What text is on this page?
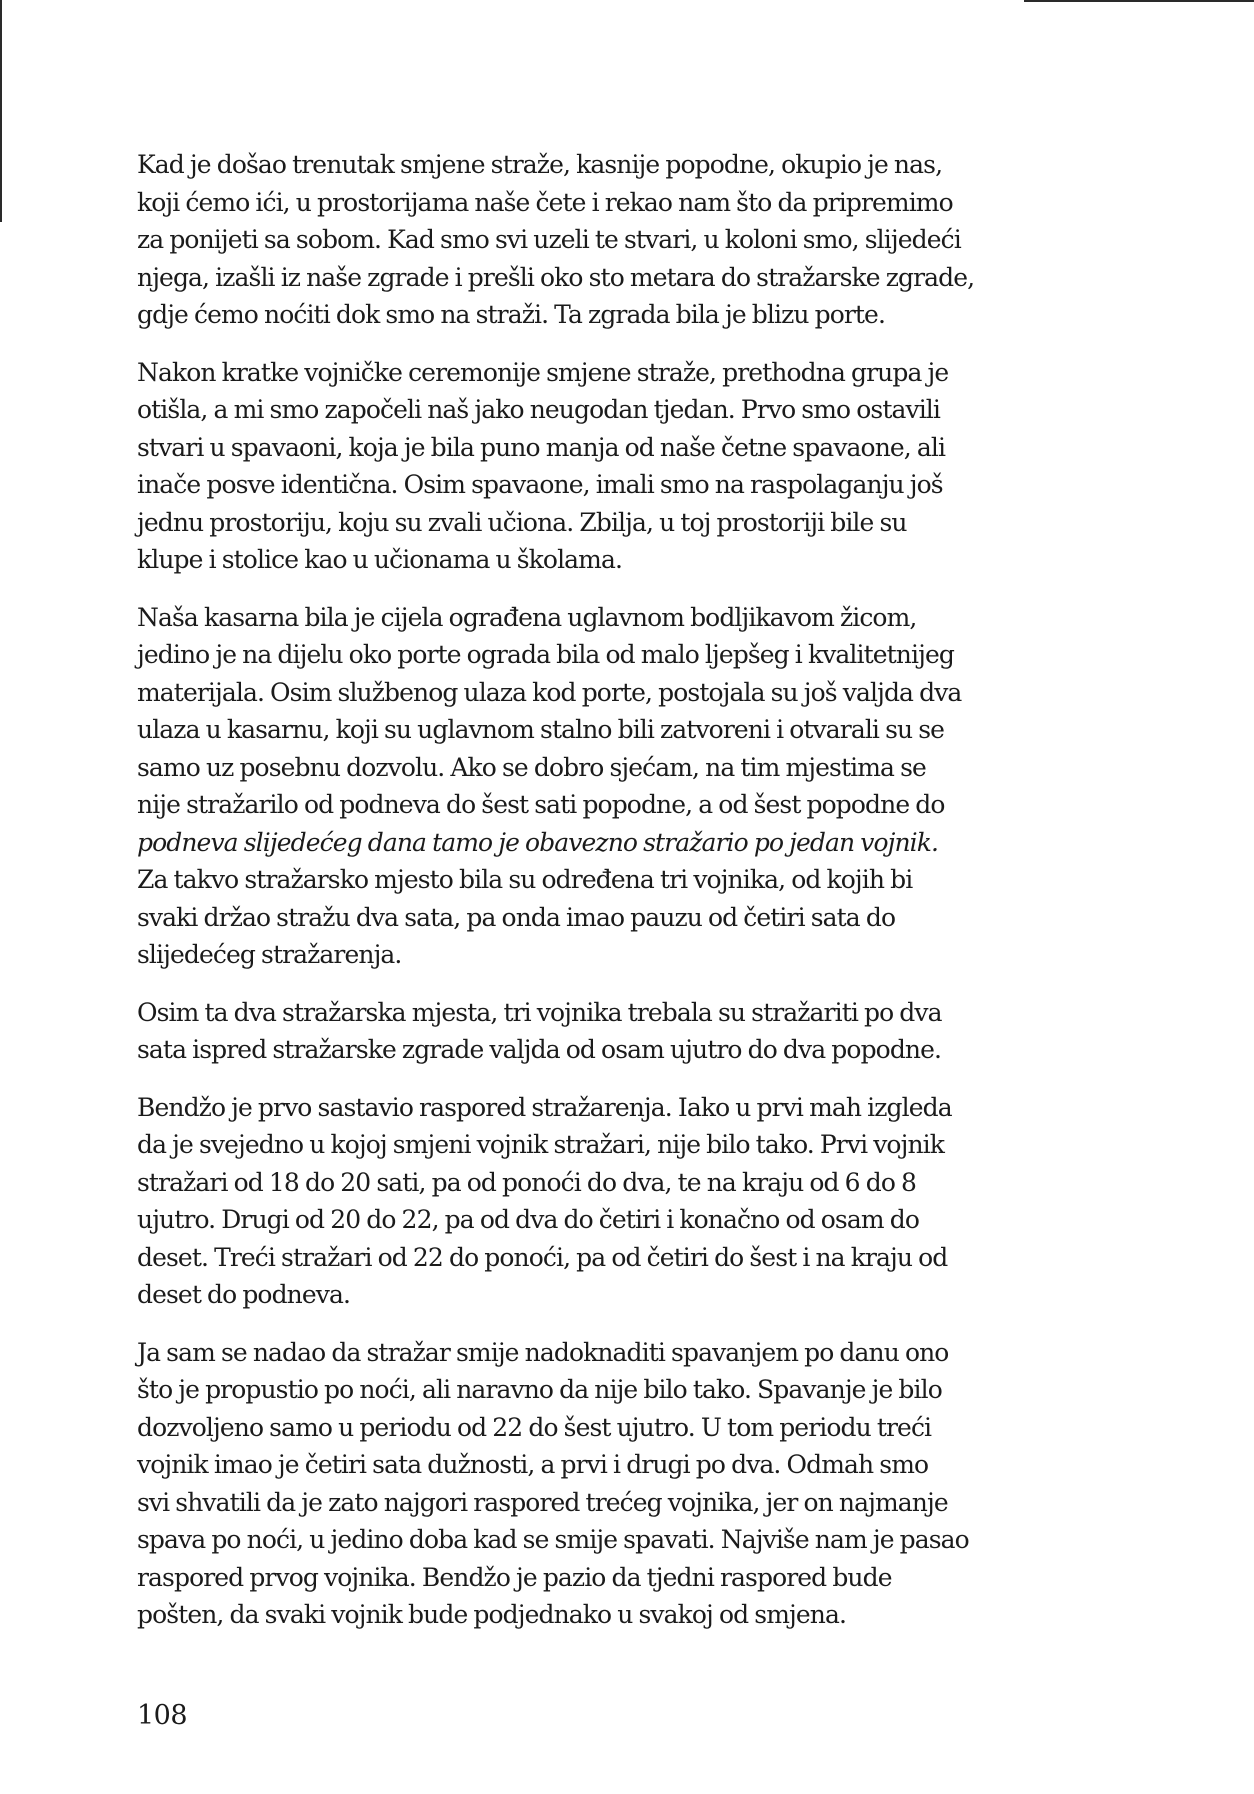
Kad je došao trenutak smjene straže, kasnije popodne, okupio je nas,
koji ćemo ići, u prostorijama naše čete i rekao nam što da pripremimo
za ponijeti sa sobom. Kad smo svi uzeli te stvari, u koloni smo, slijedeći
njega, izašli iz naše zgrade i prešli oko sto metara do stražarske zgrade,
gdje ćemo noćiti dok smo na straži. Ta zgrada bila je blizu porte.

Nakon kratke vojničke ceremonije smjene straže, prethodna grupa je
otišla, a mi smo započeli naš jako neugodan tjedan. Prvo smo ostavili
stvari u spavaoni, koja je bila puno manja od naše četne spavaone, ali
inače posve identična. Osim spavaone, imali smo na raspolaganju još
jednu prostoriju, koju su zvali učiona. Zbilja, u toj prostoriji bile su
klupe i stolice kao u učionama u školama.

Naša kasarna bila je cijela ograđena uglavnom bodljikavom žicom,
jedino je na dijelu oko porte ograda bila od malo ljepšeg i kvalitetnijeg
materijala. Osim službenog ulaza kod porte, postojala su još valjda dva
ulaza u kasarnu, koji su uglavnom stalno bili zatvoreni i otvarali su se
samo uz posebnu dozvolu. Ako se dobro sjećam, na tim mjestima se
nije stražarilo od podneva do šest sati popodne, a od šest popodne do
podneva slijedećeg dana tamo je obavezno stražario po jedan vojnik.
Za takvo stražarsko mjesto bila su određena tri vojnika, od kojih bi
svaki držao stražu dva sata, pa onda imao pauzu od četiri sata do
slijedećeg stražarenja.

Osim ta dva stražarska mjesta, tri vojnika trebala su stražariti po dva
sata ispred stražarske zgrade valjda od osam ujutro do dva popodne.

Bendžo je prvo sastavio raspored stražarenja. Iako u prvi mah izgleda
da je svejedno u kojoj smjeni vojnik stražari, nije bilo tako. Prvi vojnik
stražari od 18 do 20 sati, pa od ponoći do dva, te na kraju od 6 do 8
ujutro. Drugi od 20 do 22, pa od dva do četiri i konačno od osam do
deset. Treći stražari od 22 do ponoći, pa od četiri do šest i na kraju od
deset do podneva.

Ja sam se nadao da stražar smije nadoknaditi spavanjem po danu ono
što je propustio po noći, ali naravno da nije bilo tako. Spavanje je bilo
dozvoljeno samo u periodu od 22 do šest ujutro. U tom periodu treći
vojnik imao je četiri sata dužnosti, a prvi i drugi po dva. Odmah smo
svi shvatili da je zato najgori raspored trećeg vojnika, jer on najmanje
spava po noći, u jedino doba kad se smije spavati. Najviše nam je pasao
raspored prvog vojnika. Bendžo je pazio da tjedni raspored bude
pošten, da svaki vojnik bude podjednako u svakoj od smjena.

108
